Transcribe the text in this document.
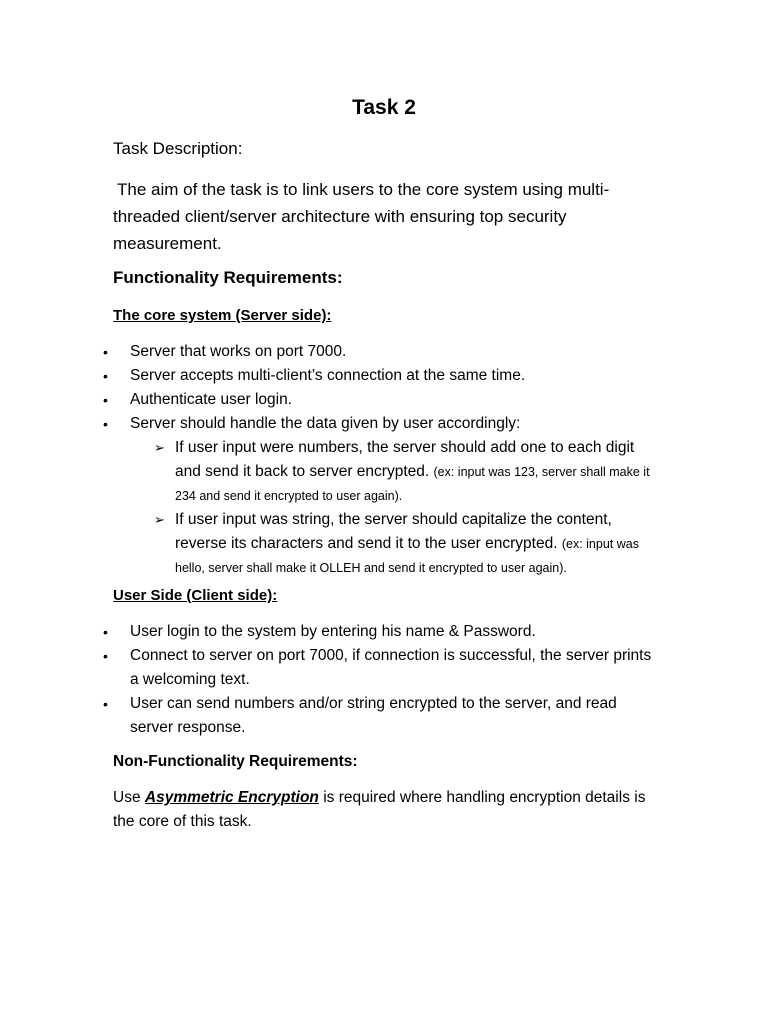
Task 2
Task Description:
The aim of the task is to link users to the core system using multi-threaded client/server architecture with ensuring top security measurement.
Functionality Requirements:
The core system (Server side):
• Server that works on port 7000.
• Server accepts multi-client’s connection at the same time.
• Authenticate user login.
• Server should handle the data given by user accordingly:
➢ If user input were numbers, the server should add one to each digit and send it back to server encrypted. (ex: input was 123, server shall make it 234 and send it encrypted to user again).
➢ If user input was string, the server should capitalize the content, reverse its characters and send it to the user encrypted. (ex: input was hello, server shall make it OLLEH and send it encrypted to user again).
User Side (Client side):
• User login to the system by entering his name & Password.
• Connect to server on port 7000, if connection is successful, the server prints a welcoming text.
• User can send numbers and/or string encrypted to the server, and read server response.
Non-Functionality Requirements:
Use Asymmetric Encryption is required where handling encryption details is the core of this task.
